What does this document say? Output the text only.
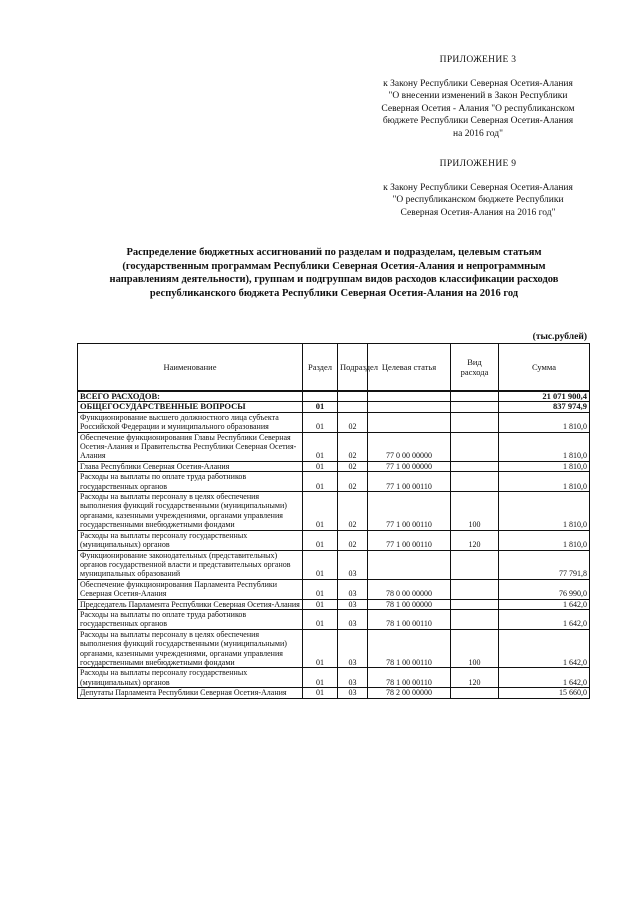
ПРИЛОЖЕНИЕ 3
к Закону Республики Северная Осетия-Алания
"О внесении изменений в Закон Республики
Северная Осетия - Алания "О республиканском
бюджете Республики Северная Осетия-Алания
на 2016 год"
ПРИЛОЖЕНИЕ 9
к Закону Республики Северная Осетия-Алания
"О республиканском бюджете Республики
Северная Осетия-Алания на 2016 год"
Распределение бюджетных ассигнований по разделам и подразделам, целевым статьям
(государственным программам Республики Северная Осетия-Алания и непрограммным
направлениям деятельности), группам и подгруппам видов расходов классификации расходов
республиканского бюджета Республики Северная Осетия-Алания на 2016 год
(тыс.рублей)
Наименование	Раздел	Подраздел	Целевая статья	Вид расхода	Сумма
ВСЕГО РАСХОДОВ:					21 071 900,4
ОБЩЕГОСУДАРСТВЕННЫЕ ВОПРОСЫ	01				837 974,9
Функционирование высшего должностного лица субъекта Российской Федерации и муниципального образования	01	02			1 810,0
Обеспечение функционирования Главы Республики Северная Осетия-Алания и Правительства Республики Северная Осетия-Алания	01	02	77 0 00 00000		1 810,0
Глава Республики Северная Осетия-Алания	01	02	77 1 00 00000		1 810,0
Расходы на выплаты по оплате труда работников государственных органов	01	02	77 1 00 00110		1 810,0
Расходы на выплаты персоналу в целях обеспечения выполнения функций государственными (муниципальными) органами, казенными учреждениями, органами управления государственными внебюджетными фондами	01	02	77 1 00 00110	100	1 810,0
Расходы на выплаты персоналу государственных (муниципальных) органов	01	02	77 1 00 00110	120	1 810,0
Функционирование законодательных (представительных) органов государственной власти и представительных органов муниципальных образований	01	03			77 791,8
Обеспечение функционирования Парламента Республики Северная Осетия-Алания	01	03	78 0 00 00000		76 990,0
Председатель Парламента Республики Северная Осетия-Алания	01	03	78 1 00 00000		1 642,0
Расходы на выплаты по оплате труда работников государственных органов	01	03	78 1 00 00110		1 642,0
Расходы на выплаты персоналу в целях обеспечения выполнения функций государственными (муниципальными) органами, казенными учреждениями, органами управления государственными внебюджетными фондами	01	03	78 1 00 00110	100	1 642,0
Расходы на выплаты персоналу государственных (муниципальных) органов	01	03	78 1 00 00110	120	1 642,0
Депутаты Парламента Республики Северная Осетия-Алания	01	03	78 2 00 00000		15 660,0
